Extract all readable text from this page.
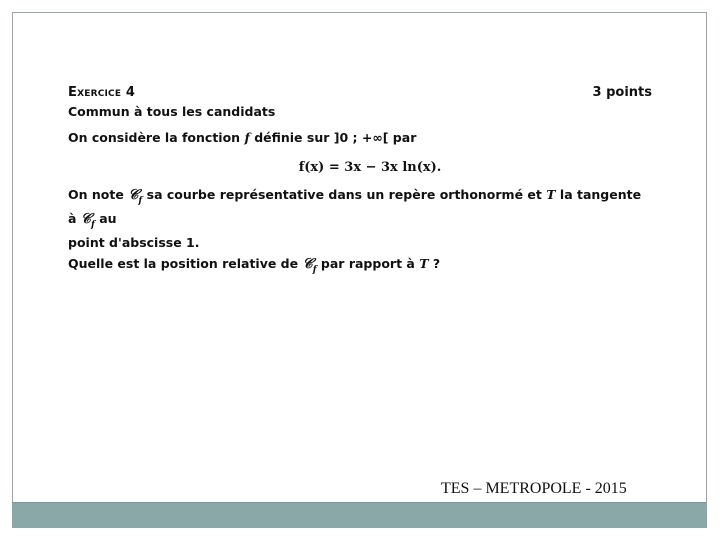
Exercice 4	3 points
Commun à tous les candidats
On considère la fonction f définie sur ]0 ; +∞[ par
f(x) = 3x − 3x ln(x).
On note 𝒞$_f$ sa courbe représentative dans un repère orthonormé et T la tangente à 𝒞$_f$ au
point d'abscisse 1.
Quelle est la position relative de 𝒞$_f$ par rapport à T ?
TES – METROPOLE - 2015
